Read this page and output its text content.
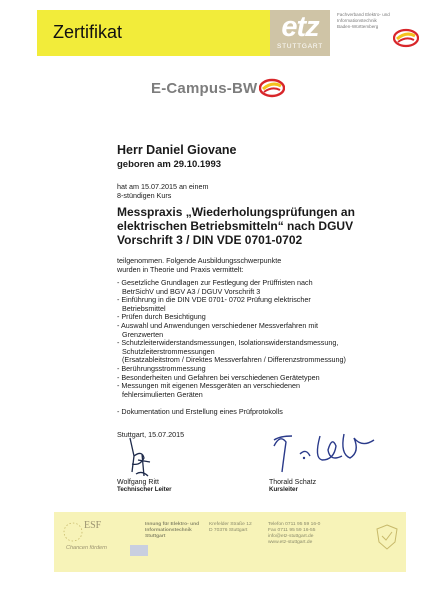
Zertifikat	etz
STUTTGART
Fachverband Elektro- und
Informationstechnik
Baden-Württemberg
E-Campus-BW
Herr Daniel Giovane
geboren am 29.10.1993
hat am 15.07.2015 an einem
8-stündigen Kurs
Messpraxis „Wiederholungsprüfungen an
elektrischen Betriebsmitteln“ nach DGUV
Vorschrift 3 / DIN VDE 0701-0702
teilgenommen. Folgende Ausbildungsschwerpunkte
wurden in Theorie und Praxis vermittelt:
- Gesetzliche Grundlagen zur Festlegung der Prüffristen nach
BetrSichV und BGV A3 / DGUV Vorschrift 3
- Einführung in die DIN VDE 0701- 0702 Prüfung elektrischer
Betriebsmittel
- Prüfen durch Besichtigung
- Auswahl und Anwendungen verschiedener Messverfahren mit
Grenzwerten
- Schutzleiterwiderstandsmessungen, Isolationswiderstandsmessung,
Schutzleiterstrommessungen
(Ersatzableitstrom / Direktes Messverfahren / Differenzstrommessung)
- Berührungsstrommessung
- Besonderheiten und Gefahren bei verschiedenen Gerätetypen
- Messungen mit eigenen Messgeräten an verschiedenen
fehlersimulierten Geräten
- Dokumentation und Erstellung eines Prüfprotokolls
Stuttgart, 15.07.2015
Wolfgang Ritt
Technischer Leiter
Thorald Schatz
Kursleiter
ESF
Chancen fördern
Innung für Elektro- und
Informationstechnik
Stuttgart
Krefelder Straße 12
D 70376 Stuttgart
Telefon 0711 95 59 16-0
Fax 0711 95 59 16-55
info@etz-stuttgart.de
www.etz-stuttgart.de
